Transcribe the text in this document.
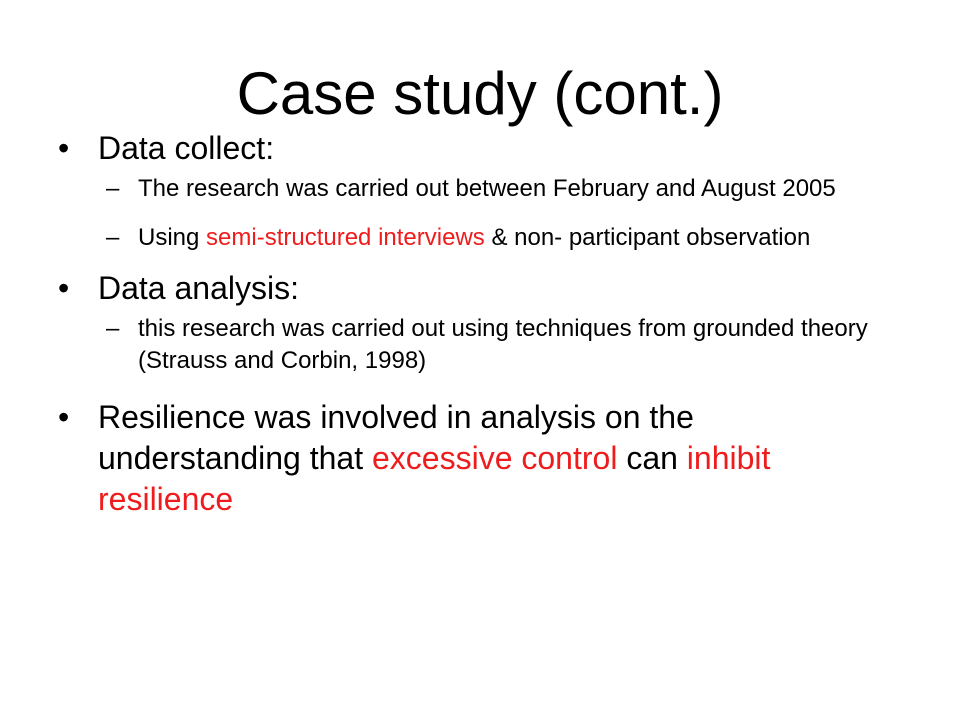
Case study (cont.)

• Data collect:

– The research was carried out between February and August 2005

– Using semi-structured interviews & non- participant observation

• Data analysis:

– this research was carried out using techniques from grounded theory (Strauss and Corbin, 1998)

• Resilience was involved in analysis on the understanding that excessive control can inhibit resilience
